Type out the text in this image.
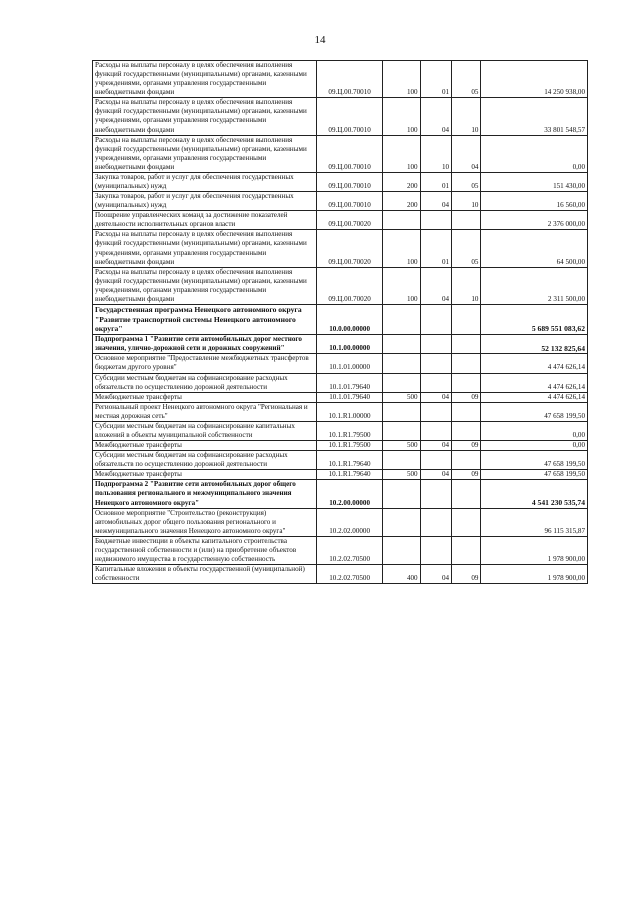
14
Расходы на выплаты персоналу в целях обеспечения выполнения функций государственными (муниципальными) органами, казенными учреждениями, органами управления государственными внебюджетными фондами	09.Ц.00.70010	100	01	05	14 250 938,00
Расходы на выплаты персоналу в целях обеспечения выполнения функций государственными (муниципальными) органами, казенными учреждениями, органами управления государственными внебюджетными фондами	09.Ц.00.70010	100	04	10	33 801 548,57
Расходы на выплаты персоналу в целях обеспечения выполнения функций государственными (муниципальными) органами, казенными учреждениями, органами управления государственными внебюджетными фондами	09.Ц.00.70010	100	10	04	0,00
Закупка товаров, работ и услуг для обеспечения государственных (муниципальных) нужд	09.Ц.00.70010	200	01	05	151 430,00
Закупка товаров, работ и услуг для обеспечения государственных (муниципальных) нужд	09.Ц.00.70010	200	04	10	16 560,00
Поощрение управленческих команд за достижение показателей деятельности исполнительных органов власти	09.Ц.00.70020				2 376 000,00
Расходы на выплаты персоналу в целях обеспечения выполнения функций государственными (муниципальными) органами, казенными учреждениями, органами управления государственными внебюджетными фондами	09.Ц.00.70020	100	01	05	64 500,00
Расходы на выплаты персоналу в целях обеспечения выполнения функций государственными (муниципальными) органами, казенными учреждениями, органами управления государственными внебюджетными фондами	09.Ц.00.70020	100	04	10	2 311 500,00
Государственная программа Ненецкого автономного округа "Развитие транспортной системы Ненецкого автономного округа"	10.0.00.00000				5 689 551 083,62
Подпрограмма 1 "Развитие сети автомобильных дорог местного значения, улично-дорожной сети и дорожных сооружений"	10.1.00.00000				52 132 825,64
Основное мероприятие "Предоставление межбюджетных трансфертов бюджетам другого уровня"	10.1.01.00000				4 474 626,14
Субсидии местным бюджетам на софинансирование расходных обязательств по осуществлению дорожной деятельности	10.1.01.79640				4 474 626,14
Межбюджетные трансферты	10.1.01.79640	500	04	09	4 474 626,14
Региональный проект Ненецкого автономного округа "Региональная и местная дорожная сеть"	10.1.R1.00000				47 658 199,50
Субсидии местным бюджетам на софинансирование капитальных вложений в объекты муниципальной собственности	10.1.R1.79500				0,00
Межбюджетные трансферты	10.1.R1.79500	500	04	09	0,00
Субсидии местным бюджетам на софинансирование расходных обязательств по осуществлению дорожной деятельности	10.1.R1.79640				47 658 199,50
Межбюджетные трансферты	10.1.R1.79640	500	04	09	47 658 199,50
Подпрограмма 2 "Развитие сети автомобильных дорог общего пользования регионального и межмуниципального значения Ненецкого автономного округа"	10.2.00.00000				4 541 230 535,74
Основное мероприятие "Строительство (реконструкция) автомобильных дорог общего пользования регионального и межмуниципального значения Ненецкого автономного округа"	10.2.02.00000				96 115 315,87
Бюджетные инвестиции в объекты капитального строительства государственной собственности и (или) на приобретение объектов недвижимого имущества в государственную собственность	10.2.02.70500				1 978 900,00
Капитальные вложения в объекты государственной (муниципальной) собственности	10.2.02.70500	400	04	09	1 978 900,00
